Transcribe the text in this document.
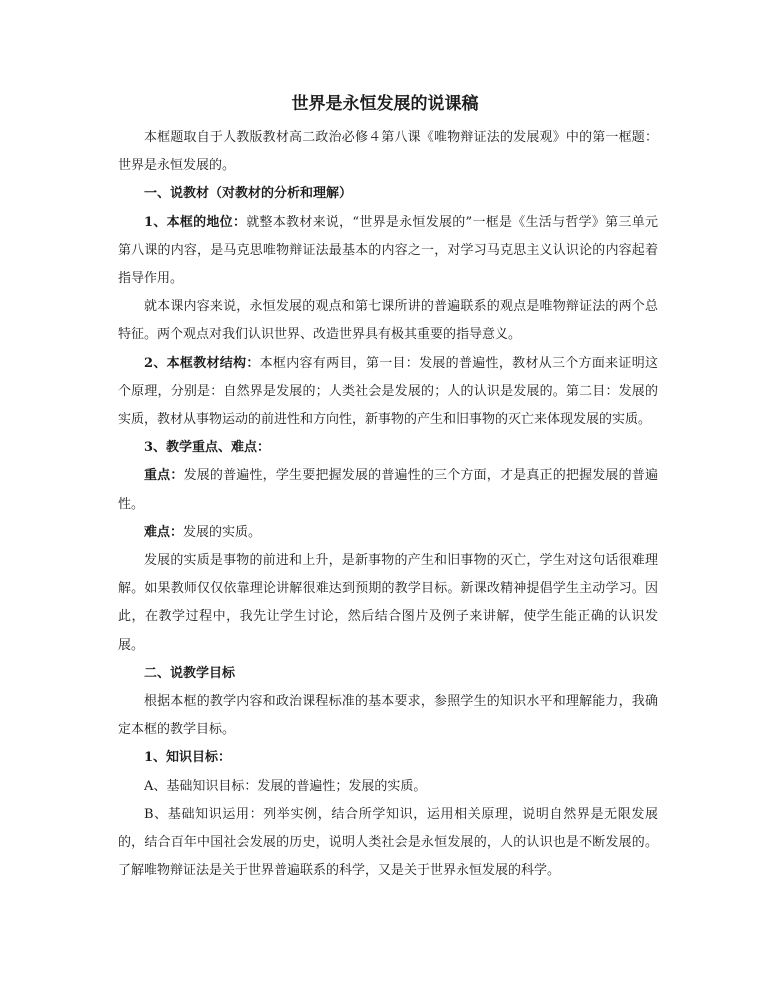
世界是永恒发展的说课稿

本框题取自于人教版教材高二政治必修４第八课《唯物辩证法的发展观》中的第一框题：世界是永恒发展的。

一、说教材（对教材的分析和理解）

1、本框的地位：就整本教材来说，“世界是永恒发展的”一框是《生活与哲学》第三单元第八课的内容，是马克思唯物辩证法最基本的内容之一，对学习马克思主义认识论的内容起着指导作用。

就本课内容来说，永恒发展的观点和第七课所讲的普遍联系的观点是唯物辩证法的两个总特征。两个观点对我们认识世界、改造世界具有极其重要的指导意义。

2、本框教材结构：本框内容有两目，第一目：发展的普遍性，教材从三个方面来证明这个原理，分别是：自然界是发展的；人类社会是发展的；人的认识是发展的。第二目：发展的实质，教材从事物运动的前进性和方向性，新事物的产生和旧事物的灭亡来体现发展的实质。

3、教学重点、难点：

重点：发展的普遍性，学生要把握发展的普遍性的三个方面，才是真正的把握发展的普遍性。

难点：发展的实质。

发展的实质是事物的前进和上升，是新事物的产生和旧事物的灭亡，学生对这句话很难理解。如果教师仅仅依靠理论讲解很难达到预期的教学目标。新课改精神提倡学生主动学习。因此，在教学过程中，我先让学生讨论，然后结合图片及例子来讲解，使学生能正确的认识发展。

二、说教学目标

根据本框的教学内容和政治课程标准的基本要求，参照学生的知识水平和理解能力，我确定本框的教学目标。

1、知识目标：

A、基础知识目标：发展的普遍性；发展的实质。

B、基础知识运用：列举实例，结合所学知识，运用相关原理，说明自然界是无限发展的，结合百年中国社会发展的历史，说明人类社会是永恒发展的，人的认识也是不断发展的。了解唯物辩证法是关于世界普遍联系的科学，又是关于世界永恒发展的科学。
